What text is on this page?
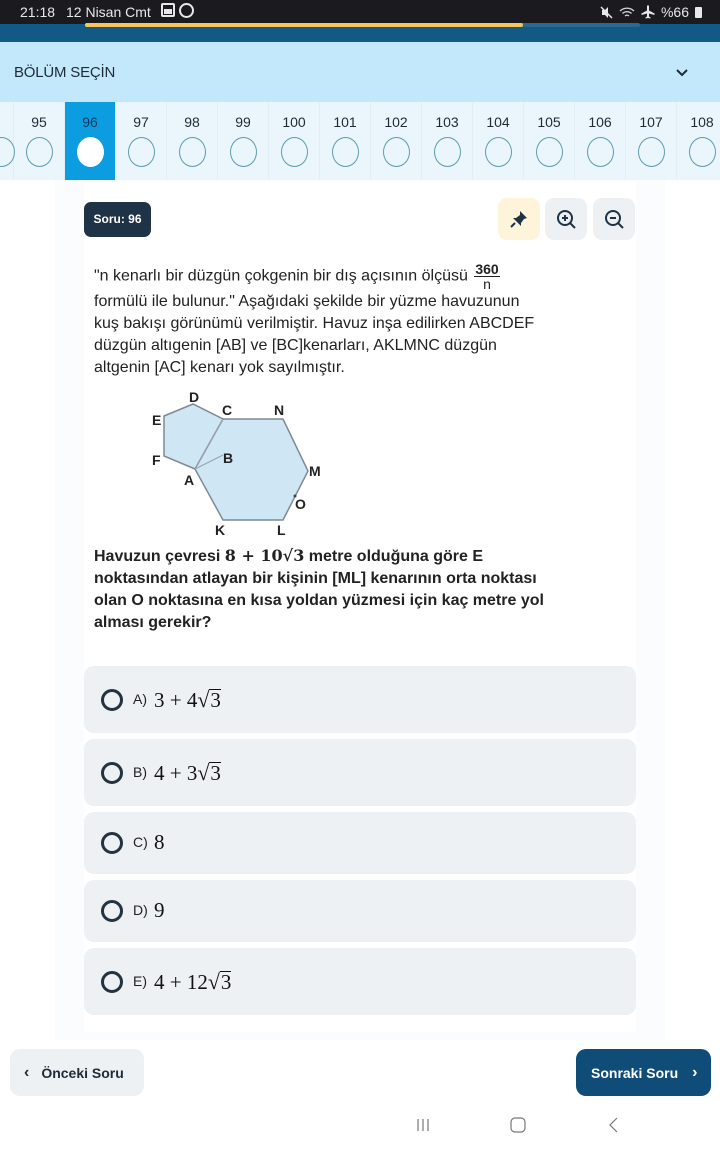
21:18 12 Nisan Cmt	%66
BÖLÜM SEÇİN
95	96	97	98	99	100	101	102	103	104	105	106	107	108
Soru: 96
"n kenarlı bir düzgün çokgenin bir dış açısının ölçüsü $\frac{360}{n}$
formülü ile bulunur." Aşağıdaki şekilde bir yüzme havuzunun kuş bakışı görünümü verilmiştir. Havuz inşa edilirken ABCDEF düzgün altıgenin [AB] ve [BC]kenarları, AKLMNC düzgün altgenin [AC] kenarı yok sayılmıştır.
D
C	N
E
F	B
A
M
O
K	L
Havuzun çevresi 8 + 10√3 metre olduğuna göre E noktasından atlayan bir kişinin [ML] kenarının orta noktası olan O noktasına en kısa yoldan yüzmesi için kaç metre yol alması gerekir?
A) 3 + 4√3
B) 4 + 3√3
C) 8
D) 9
E) 4 + 12√3
‹ Önceki Soru	Sonraki Soru ›
